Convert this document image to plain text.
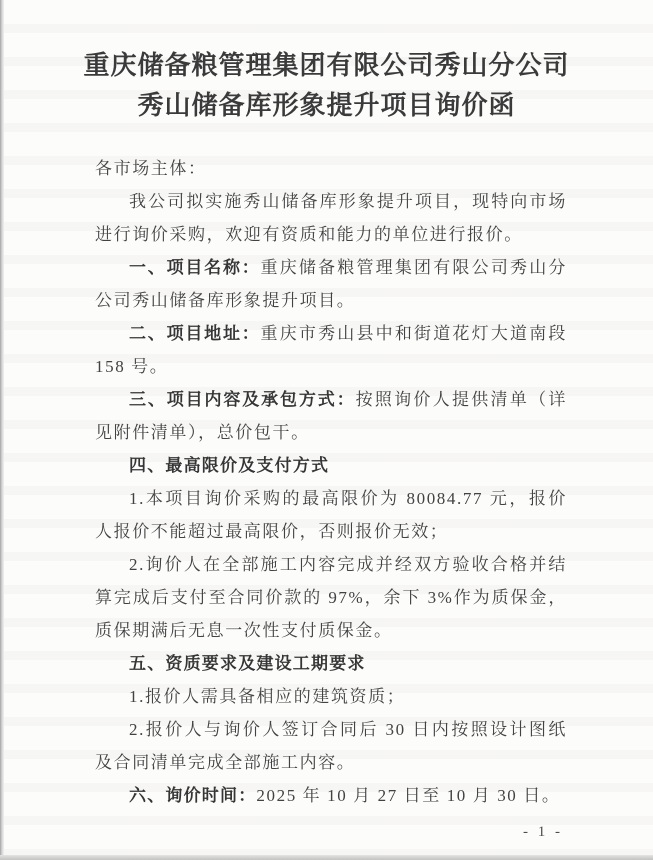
重庆储备粮管理集团有限公司秀山分公司
秀山储备库形象提升项目询价函

各市场主体：

我公司拟实施秀山储备库形象提升项目，现特向市场进行询价采购，欢迎有资质和能力的单位进行报价。

一、项目名称：重庆储备粮管理集团有限公司秀山分公司秀山储备库形象提升项目。

二、项目地址：重庆市秀山县中和街道花灯大道南段 158 号。

三、项目内容及承包方式：按照询价人提供清单（详见附件清单），总价包干。

四、最高限价及支付方式

1.本项目询价采购的最高限价为 80084.77 元，报价人报价不能超过最高限价，否则报价无效；

2.询价人在全部施工内容完成并经双方验收合格并结算完成后支付至合同价款的 97%，余下 3%作为质保金，质保期满后无息一次性支付质保金。

五、资质要求及建设工期要求

1.报价人需具备相应的建筑资质；

2.报价人与询价人签订合同后 30 日内按照设计图纸及合同清单完成全部施工内容。

六、询价时间：2025 年 10 月 27 日至 10 月 30 日。

- 1 -
